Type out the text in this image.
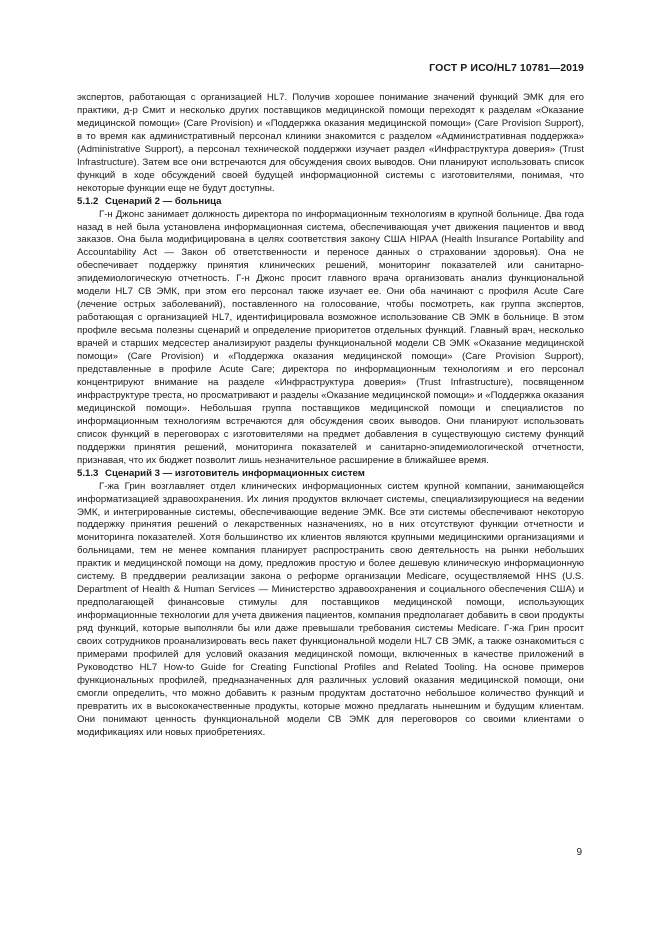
ГОСТ Р ИСО/HL7 10781—2019

экспертов, работающая с организацией HL7. Получив хорошее понимание значений функций ЭМК для его практики, д-р Смит и несколько других поставщиков медицинской помощи переходят к разделам «Оказание медицинской помощи» (Care Provision) и «Поддержка оказания медицинской помощи» (Care Provision Support), в то время как административный персонал клиники знакомится с разделом «Административная поддержка» (Administrative Support), а персонал технической поддержки изучает раздел «Инфраструктура доверия» (Trust Infrastructure). Затем все они встречаются для обсуждения своих выводов. Они планируют использовать список функций в ходе обсуждений своей будущей информационной системы с изготовителями, понимая, что некоторые функции еще не будут доступны.

5.1.2 Сценарий 2 — больница

Г-н Джонс занимает должность директора по информационным технологиям в крупной больнице. Два года назад в ней была установлена информационная система, обеспечивающая учет движения пациентов и ввод заказов. Она была модифицирована в целях соответствия закону США HIPAA (Health Insurance Portability and Accountability Act — Закон об ответственности и переносе данных о страховании здоровья). Она не обеспечивает поддержку принятия клинических решений, мониторинг показателей или санитарно-эпидемиологическую отчетность. Г-н Джонс просит главного врача организовать анализ функциональной модели HL7 СВ ЭМК, при этом его персонал также изучает ее. Они оба начинают с профиля Acute Care (лечение острых заболеваний), поставленного на голосование, чтобы посмотреть, как группа экспертов, работающая с организацией HL7, идентифицировала возможное использование СВ ЭМК в больнице. В этом профиле весьма полезны сценарий и определение приоритетов отдельных функций. Главный врач, несколько врачей и старших медсестер анализируют разделы функциональной модели СВ ЭМК «Оказание медицинской помощи» (Care Provision) и «Поддержка оказания медицинской помощи» (Care Provision Support), представленные в профиле Acute Care; директора по информационным технологиям и его персонал концентрируют внимание на разделе «Инфраструктура доверия» (Trust Infrastructure), посвященном инфраструктуре треста, но просматривают и разделы «Оказание медицинской помощи» и «Поддержка оказания медицинской помощи». Небольшая группа поставщиков медицинской помощи и специалистов по информационным технологиям встречаются для обсуждения своих выводов. Они планируют использовать список функций в переговорах с изготовителями на предмет добавления в существующую систему функций поддержки принятия решений, мониторинга показателей и санитарно-эпидемиологической отчетности, признавая, что их бюджет позволит лишь незначительное расширение в ближайшее время.

5.1.3 Сценарий 3 — изготовитель информационных систем

Г-жа Грин возглавляет отдел клинических информационных систем крупной компании, занимающейся информатизацией здравоохранения. Их линия продуктов включает системы, специализирующиеся на ведении ЭМК, и интегрированные системы, обеспечивающие ведение ЭМК. Все эти системы обеспечивают некоторую поддержку принятия решений о лекарственных назначениях, но в них отсутствуют функции отчетности и мониторинга показателей. Хотя большинство их клиентов являются крупными медицинскими организациями и больницами, тем не менее компания планирует распространить свою деятельность на рынки небольших практик и медицинской помощи на дому, предложив простую и более дешевую клиническую информационную систему. В преддверии реализации закона о реформе организации Medicare, осуществляемой HHS (U.S. Department of Health & Human Services — Министерство здравоохранения и социального обеспечения США) и предполагающей финансовые стимулы для поставщиков медицинской помощи, использующих информационные технологии для учета движения пациентов, компания предполагает добавить в свои продукты ряд функций, которые выполняли бы или даже превышали требования системы Medicare. Г-жа Грин просит своих сотрудников проанализировать весь пакет функциональной модели HL7 СВ ЭМК, а также ознакомиться с примерами профилей для условий оказания медицинской помощи, включенных в качестве приложений в Руководство HL7 How-to Guide for Creating Functional Profiles and Related Tooling. На основе примеров функциональных профилей, предназначенных для различных условий оказания медицинской помощи, они смогли определить, что можно добавить к разным продуктам достаточно небольшое количество функций и превратить их в высококачественные продукты, которые можно предлагать нынешним и будущим клиентам. Они понимают ценность функциональной модели СВ ЭМК для переговоров со своими клиентами о модификациях или новых приобретениях.

9
